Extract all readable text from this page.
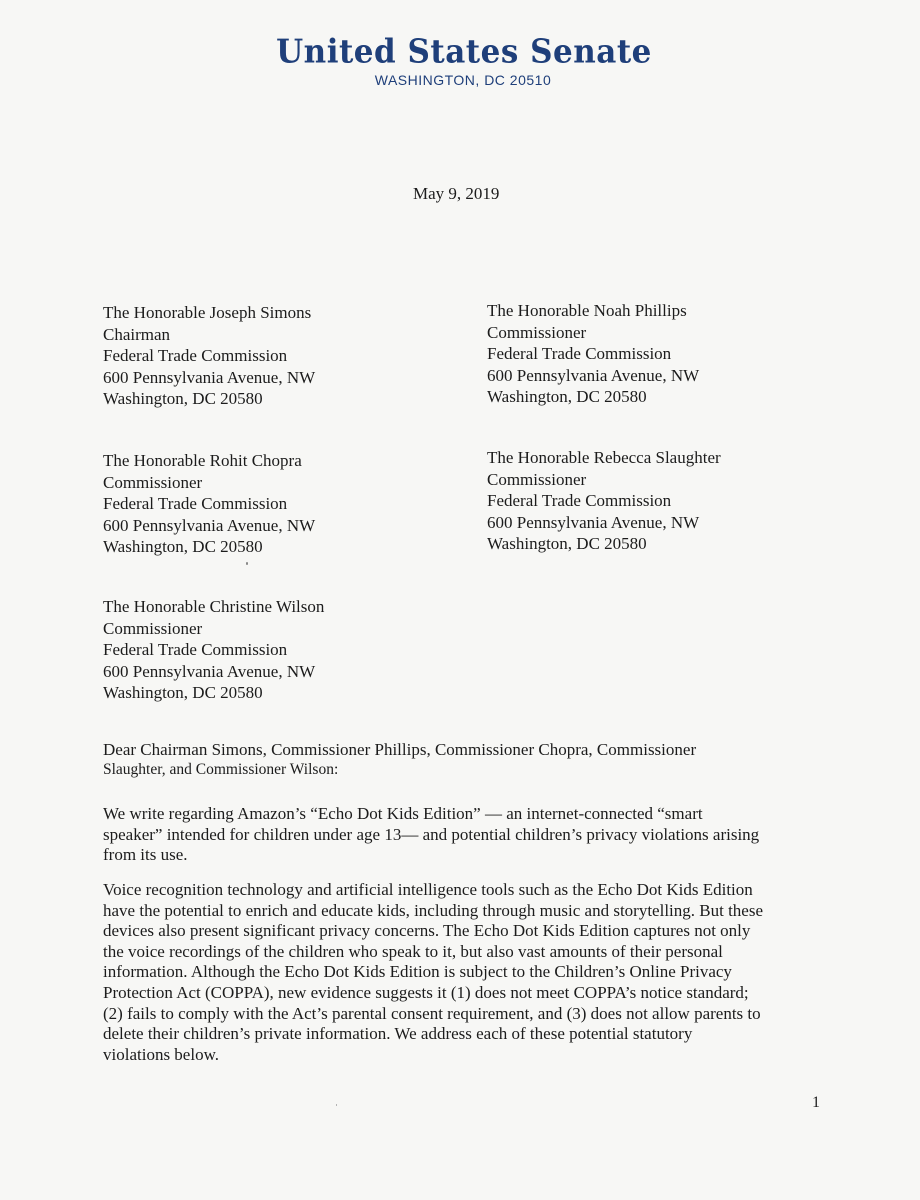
United States Senate
WASHINGTON, DC 20510
May 9, 2019
The Honorable Joseph Simons
Chairman
Federal Trade Commission
600 Pennsylvania Avenue, NW
Washington, DC 20580
The Honorable Noah Phillips
Commissioner
Federal Trade Commission
600 Pennsylvania Avenue, NW
Washington, DC 20580
The Honorable Rohit Chopra
Commissioner
Federal Trade Commission
600 Pennsylvania Avenue, NW
Washington, DC 20580
The Honorable Rebecca Slaughter
Commissioner
Federal Trade Commission
600 Pennsylvania Avenue, NW
Washington, DC 20580
The Honorable Christine Wilson
Commissioner
Federal Trade Commission
600 Pennsylvania Avenue, NW
Washington, DC 20580
Dear Chairman Simons, Commissioner Phillips, Commissioner Chopra, Commissioner
Slaughter, and Commissioner Wilson:
We write regarding Amazon’s “Echo Dot Kids Edition” — an internet-connected “smart
speaker” intended for children under age 13— and potential children’s privacy violations arising
from its use.
Voice recognition technology and artificial intelligence tools such as the Echo Dot Kids Edition
have the potential to enrich and educate kids, including through music and storytelling. But these
devices also present significant privacy concerns. The Echo Dot Kids Edition captures not only
the voice recordings of the children who speak to it, but also vast amounts of their personal
information. Although the Echo Dot Kids Edition is subject to the Children’s Online Privacy
Protection Act (COPPA), new evidence suggests it (1) does not meet COPPA’s notice standard;
(2) fails to comply with the Act’s parental consent requirement, and (3) does not allow parents to
delete their children’s private information. We address each of these potential statutory
violations below.
1
